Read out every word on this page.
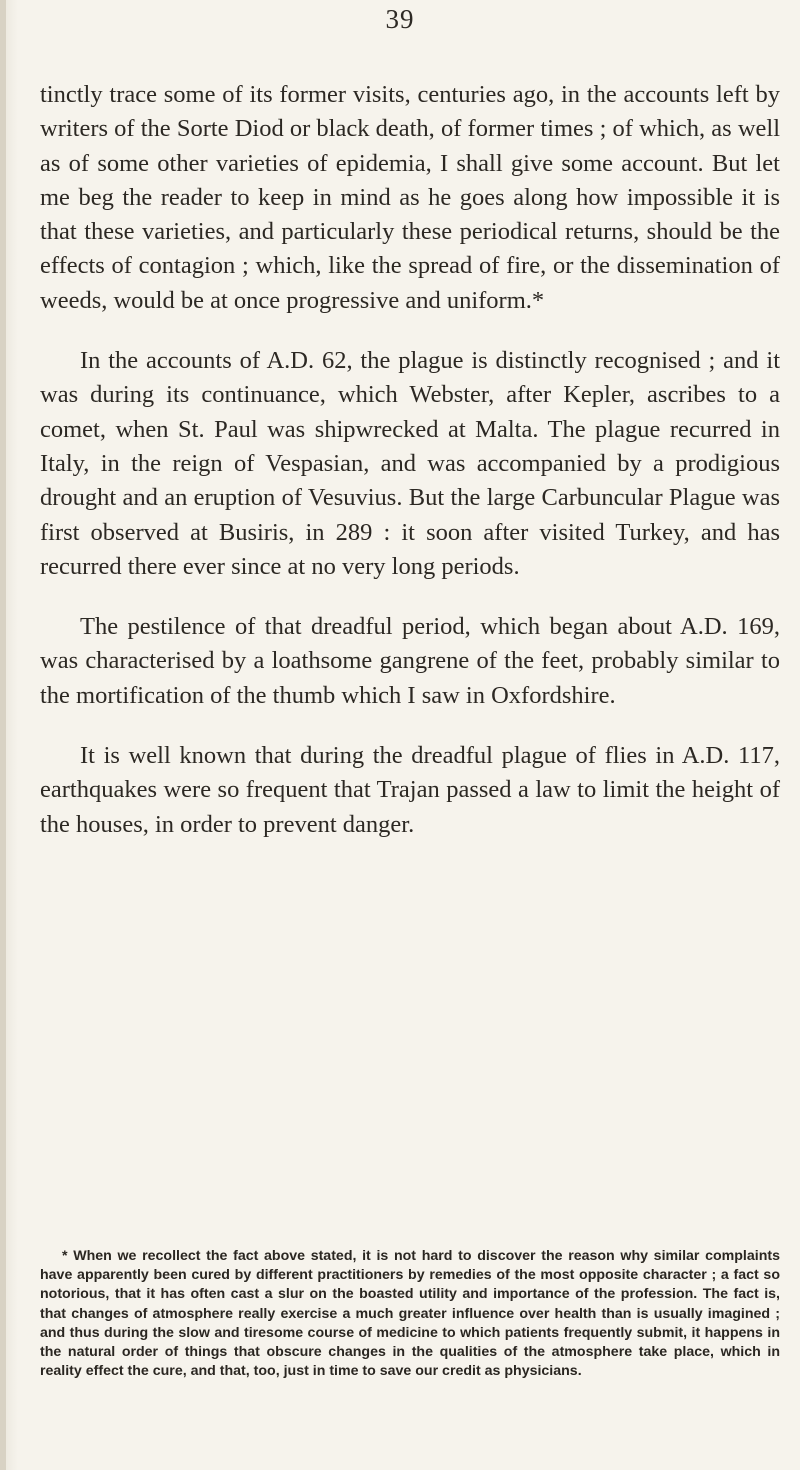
39

tinctly trace some of its former visits, centuries ago, in the accounts left by writers of the Sorte Diod or black death, of former times ; of which, as well as of some other varieties of epidemia, I shall give some account. But let me beg the reader to keep in mind as he goes along how impossible it is that these varieties, and particularly these periodical returns, should be the effects of contagion ; which, like the spread of fire, or the dissemination of weeds, would be at once progressive and uniform.*

In the accounts of A.D. 62, the plague is distinctly recognised ; and it was during its continuance, which Webster, after Kepler, ascribes to a comet, when St. Paul was shipwrecked at Malta. The plague recurred in Italy, in the reign of Vespasian, and was accompanied by a prodigious drought and an eruption of Vesuvius. But the large Carbuncular Plague was first observed at Busiris, in 289 : it soon after visited Turkey, and has recurred there ever since at no very long periods.

The pestilence of that dreadful period, which began about A.D. 169, was characterised by a loathsome gangrene of the feet, probably similar to the mortification of the thumb which I saw in Oxfordshire.

It is well known that during the dreadful plague of flies in A.D. 117, earthquakes were so frequent that Trajan passed a law to limit the height of the houses, in order to prevent danger.

* When we recollect the fact above stated, it is not hard to discover the reason why similar complaints have apparently been cured by different practitioners by remedies of the most opposite character ; a fact so notorious, that it has often cast a slur on the boasted utility and importance of the profession. The fact is, that changes of atmosphere really exercise a much greater influence over health than is usually imagined ; and thus during the slow and tiresome course of medicine to which patients frequently submit, it happens in the natural order of things that obscure changes in the qualities of the atmosphere take place, which in reality effect the cure, and that, too, just in time to save our credit as physicians.
